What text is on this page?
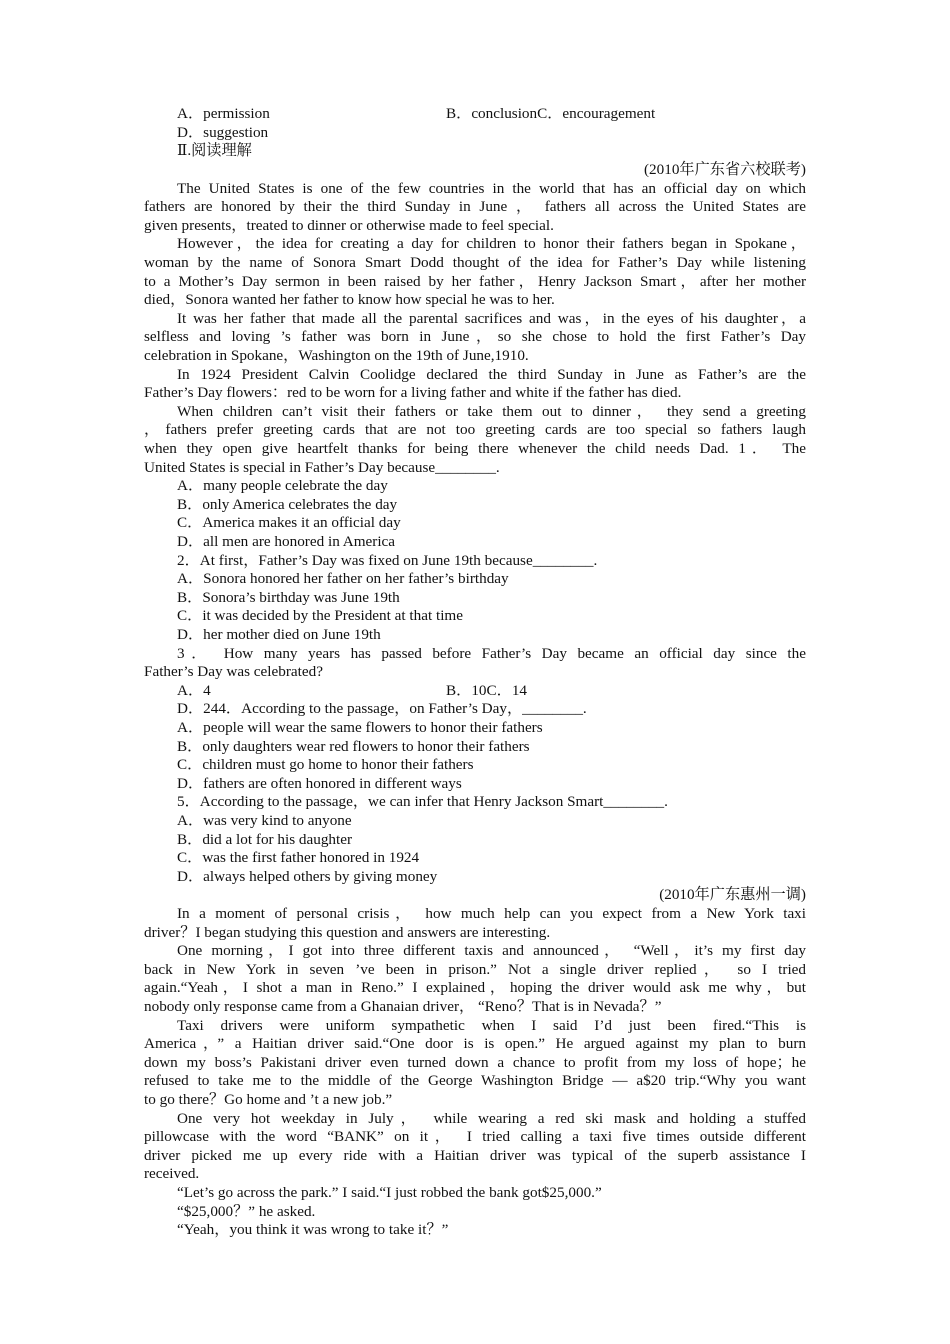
A．permission	B．conclusionC．encouragement
D．suggestion
Ⅱ.阅读理解
(2010年广东省六校联考)
The United States is one of the few countries in the world that has an official day on which
fathers are honored by their the third Sunday in June ， fathers all across the United States are
given presents，treated to dinner or otherwise made to feel special.
However，the idea for creating a day for children to honor their fathers began in Spokane，
woman by the name of Sonora Smart Dodd thought of the idea for Father’s Day while listening
to a Mother’s Day sermon in been raised by her father，Henry Jackson Smart，after her mother
died，Sonora wanted her father to know how special he was to her.
It was her father that made all the parental sacrifices and was，in the eyes of his daughter，a
selfless and loving ’s father was born in June，so she chose to hold the first Father’s Day
celebration in Spokane，Washington on the 19th of June,1910.
In 1924 President Calvin Coolidge declared the third Sunday in June as Father’s are the
Father’s Day flowers：red to be worn for a living father and white if the father has died.
When children can’t visit their fathers or take them out to dinner， they send a greeting
，fathers prefer greeting cards that are not too greeting cards are too special so fathers laugh
when they open give heartfelt thanks for being there whenever the child needs Dad. 1． The
United States is special in Father’s Day because________.
A．many people celebrate the day
B．only America celebrates the day
C．America makes it an official day
D．all men are honored in America
2．At first，Father’s Day was fixed on June 19th because________.
A．Sonora honored her father on her father’s birthday
B．Sonora’s birthday was June 19th
C．it was decided by the President at that time
D．her mother died on June 19th
3． How many years has passed before Father’s Day became an official day since the
Father’s Day was celebrated?
A．4	B．10C．14
D．244．According to the passage，on Father’s Day，________.
A．people will wear the same flowers to honor their fathers
B．only daughters wear red flowers to honor their fathers
C．children must go home to honor their fathers
D．fathers are often honored in different ways
5．According to the passage，we can infer that Henry Jackson Smart________.
A．was very kind to anyone
B．did a lot for his daughter
C．was the first father honored in 1924
D．always helped others by giving money
(2010年广东惠州一调)
In a moment of personal crisis， how much help can you expect from a New York taxi
driver？I began studying this question and answers are interesting.
One morning，I got into three different taxis and announced， “Well，it’s my first day
back in New York in seven ’ve been in prison.” Not a single driver replied， so I tried
again.“Yeah，I shot a man in Reno.” I explained，hoping the driver would ask me why，but
nobody only response came from a Ghanaian driver， “Reno？That is in Nevada？”
Taxi drivers were uniform sympathetic when I said I’d just been fired.“This is
America，” a Haitian driver said.“One door is is open.” He argued against my plan to burn
down my boss’s Pakistani driver even turned down a chance to profit from my loss of hope；he
refused to take me to the middle of the George Washington Bridge — a$20 trip.“Why you want
to go there？Go home and ’t a new job.”
One very hot weekday in July， while wearing a red ski mask and holding a stuffed
pillowcase with the word “BANK” on it， I tried calling a taxi five times outside different
driver picked me up every ride with a Haitian driver was typical of the superb assistance I
received.
“Let’s go across the park.” I said.“I just robbed the bank got$25,000.”
“$25,000？” he asked.
“Yeah，you think it was wrong to take it？”
